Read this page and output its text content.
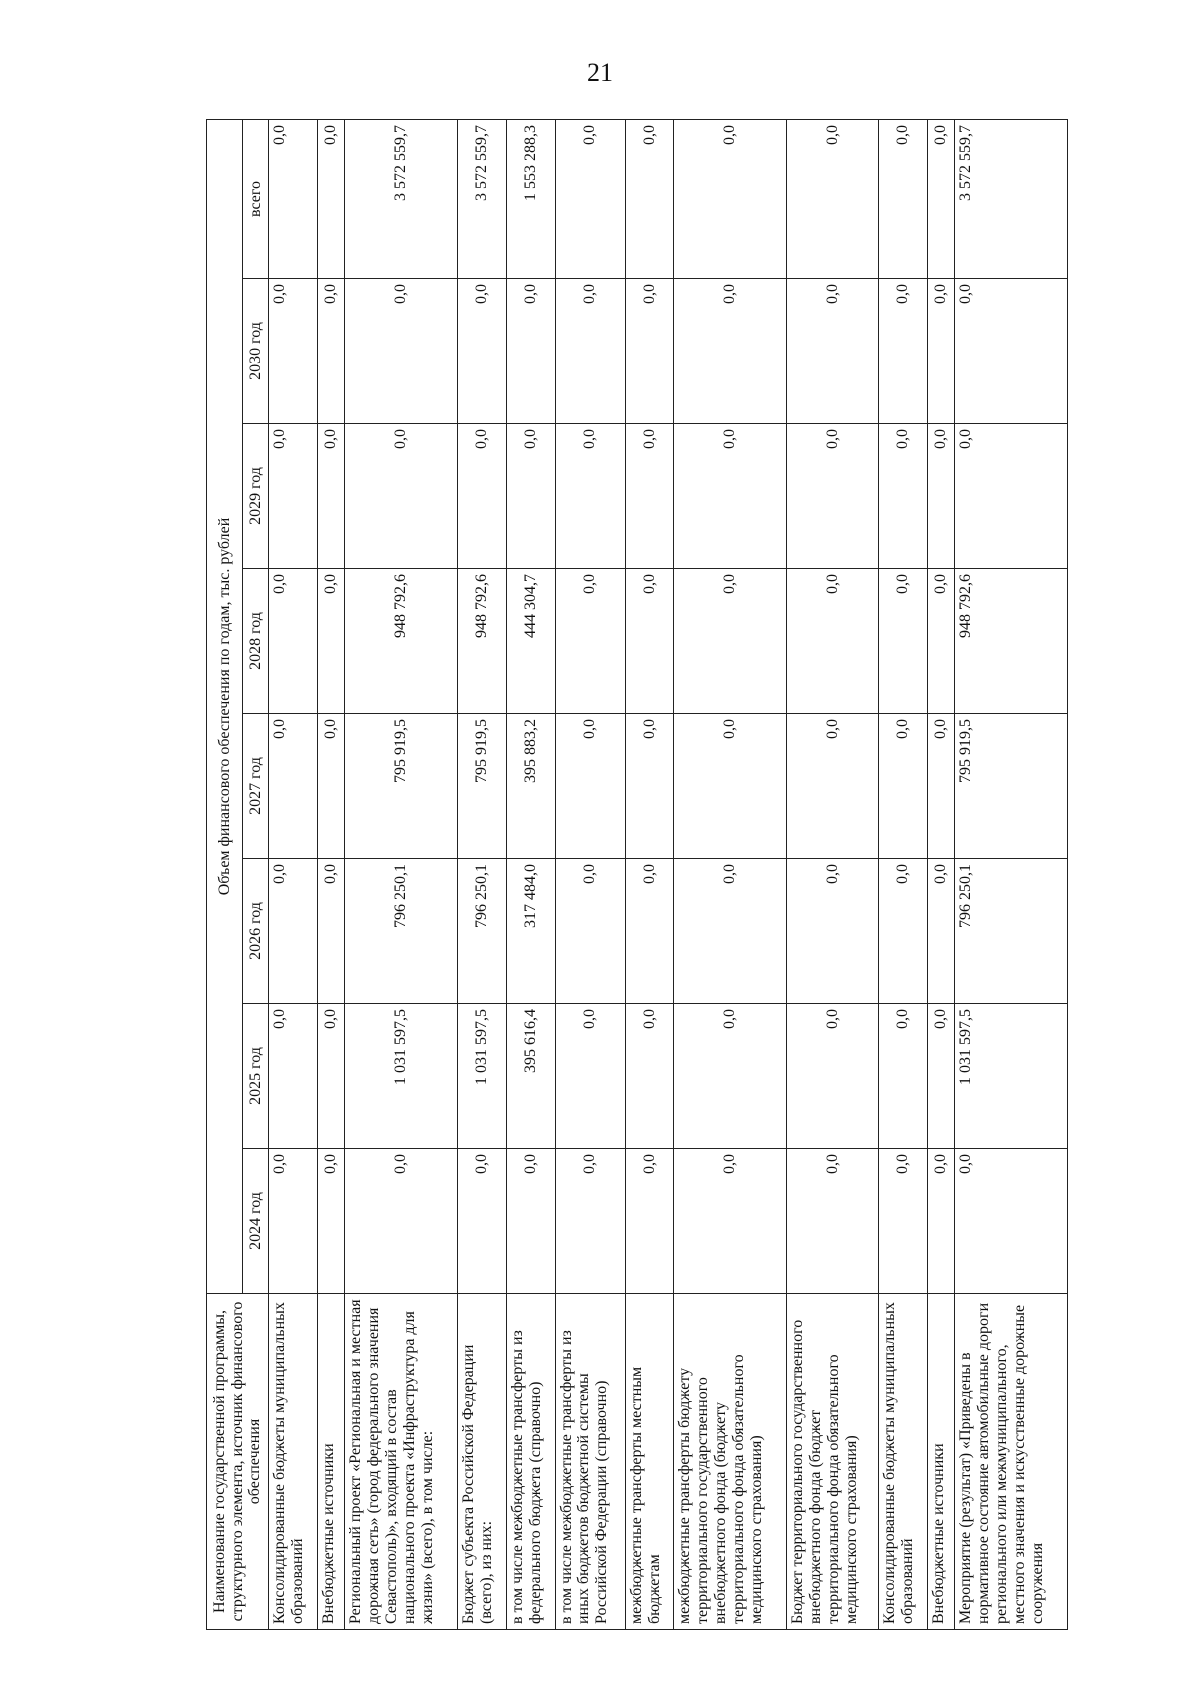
21
Наименование государственной программы, структурного элемента, источник финансового обеспечения	Объем финансового обеспечения по годам, тыс. рублей							
	2024 год	2025 год	2026 год	2027 год	2028 год	2029 год	2030 год	всего
Консолидированные бюджеты муниципальных образований	0,0	0,0	0,0	0,0	0,0	0,0	0,0	0,0
Внебюджетные источники	0,0	0,0	0,0	0,0	0,0	0,0	0,0	0,0
Региональный проект «Региональная и местная дорожная сеть» (город федерального значения Севастополь)», входящий в состав национального проекта «Инфраструктура для жизни» (всего), в том числе:	0,0	1 031 597,5	796 250,1	795 919,5	948 792,6	0,0	0,0	3 572 559,7
Бюджет субъекта Российской Федерации (всего), из них:	0,0	1 031 597,5	796 250,1	795 919,5	948 792,6	0,0	0,0	3 572 559,7
в том числе межбюджетные трансферты из федерального бюджета (справочно)	0,0	395 616,4	317 484,0	395 883,2	444 304,7	0,0	0,0	1 553 288,3
в том числе межбюджетные трансферты из иных бюджетов бюджетной системы Российской Федерации (справочно)	0,0	0,0	0,0	0,0	0,0	0,0	0,0	0,0
межбюджетные трансферты местным бюджетам	0,0	0,0	0,0	0,0	0,0	0,0	0,0	0,0
межбюджетные трансферты бюджету территориального государственного внебюджетного фонда (бюджету территориального фонда обязательного медицинского страхования)	0,0	0,0	0,0	0,0	0,0	0,0	0,0	0,0
Бюджет территориального государственного внебюджетного фонда (бюджет территориального фонда обязательного медицинского страхования)	0,0	0,0	0,0	0,0	0,0	0,0	0,0	0,0
Консолидированные бюджеты муниципальных образований	0,0	0,0	0,0	0,0	0,0	0,0	0,0	0,0
Внебюджетные источники	0,0	0,0	0,0	0,0	0,0	0,0	0,0	0,0
Мероприятие (результат) «Приведены в нормативное состояние автомобильные дороги регионального или межмуниципального, местного значения и искусственные дорожные сооружения	0,0	1 031 597,5	796 250,1	795 919,5	948 792,6	0,0	0,0	3 572 559,7
